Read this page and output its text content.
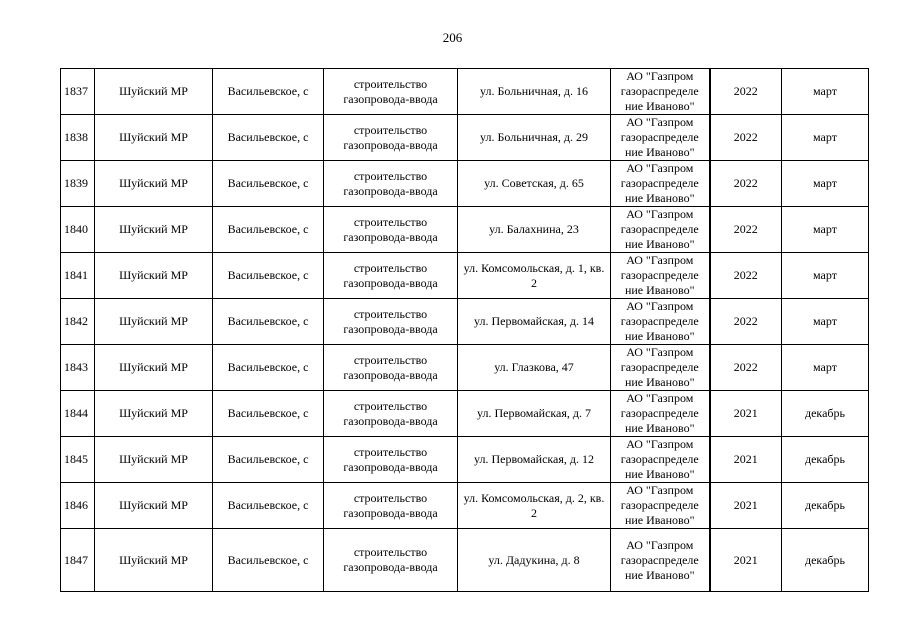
206
1837	Шуйский МР	Васильевское, с	строительство газопровода-ввода	ул. Больничная, д. 16	АО "Газпром газораспределе ние Иваново"	2022	март
1838	Шуйский МР	Васильевское, с	строительство газопровода-ввода	ул. Больничная, д. 29	АО "Газпром газораспределе ние Иваново"	2022	март
1839	Шуйский МР	Васильевское, с	строительство газопровода-ввода	ул. Советская, д. 65	АО "Газпром газораспределе ние Иваново"	2022	март
1840	Шуйский МР	Васильевское, с	строительство газопровода-ввода	ул. Балахнина, 23	АО "Газпром газораспределе ние Иваново"	2022	март
1841	Шуйский МР	Васильевское, с	строительство газопровода-ввода	ул. Комсомольская, д. 1, кв. 2	АО "Газпром газораспределе ние Иваново"	2022	март
1842	Шуйский МР	Васильевское, с	строительство газопровода-ввода	ул. Первомайская, д. 14	АО "Газпром газораспределе ние Иваново"	2022	март
1843	Шуйский МР	Васильевское, с	строительство газопровода-ввода	ул. Глазкова, 47	АО "Газпром газораспределе ние Иваново"	2022	март
1844	Шуйский МР	Васильевское, с	строительство газопровода-ввода	ул. Первомайская, д. 7	АО "Газпром газораспределе ние Иваново"	2021	декабрь
1845	Шуйский МР	Васильевское, с	строительство газопровода-ввода	ул. Первомайская, д. 12	АО "Газпром газораспределе ние Иваново"	2021	декабрь
1846	Шуйский МР	Васильевское, с	строительство газопровода-ввода	ул. Комсомольская, д. 2, кв. 2	АО "Газпром газораспределе ние Иваново"	2021	декабрь
1847	Шуйский МР	Васильевское, с	строительство газопровода-ввода	ул. Дадукина, д. 8	АО "Газпром газораспределе ние Иваново"	2021	декабрь
